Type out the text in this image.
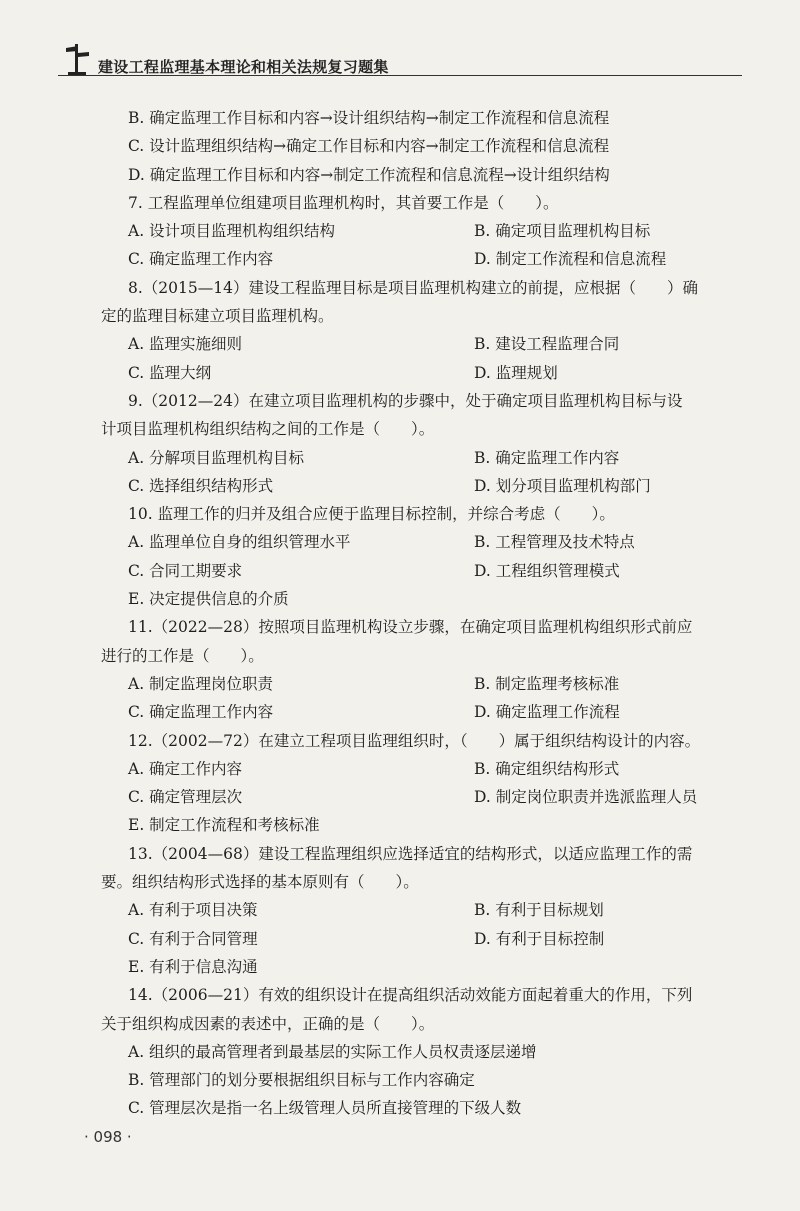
建设工程监理基本理论和相关法规复习题集
B. 确定监理工作目标和内容→设计组织结构→制定工作流程和信息流程
C. 设计监理组织结构→确定工作目标和内容→制定工作流程和信息流程
D. 确定监理工作目标和内容→制定工作流程和信息流程→设计组织结构
7. 工程监理单位组建项目监理机构时，其首要工作是（　　）。
A. 设计项目监理机构组织结构	B. 确定项目监理机构目标
C. 确定监理工作内容	D. 制定工作流程和信息流程
8.（2015—14）建设工程监理目标是项目监理机构建立的前提，应根据（　　）确
定的监理目标建立项目监理机构。
A. 监理实施细则	B. 建设工程监理合同
C. 监理大纲	D. 监理规划
9.（2012—24）在建立项目监理机构的步骤中，处于确定项目监理机构目标与设
计项目监理机构组织结构之间的工作是（　　）。
A. 分解项目监理机构目标	B. 确定监理工作内容
C. 选择组织结构形式	D. 划分项目监理机构部门
10. 监理工作的归并及组合应便于监理目标控制，并综合考虑（　　）。
A. 监理单位自身的组织管理水平	B. 工程管理及技术特点
C. 合同工期要求	D. 工程组织管理模式
E. 决定提供信息的介质
11.（2022—28）按照项目监理机构设立步骤，在确定项目监理机构组织形式前应
进行的工作是（　　）。
A. 制定监理岗位职责	B. 制定监理考核标准
C. 确定监理工作内容	D. 确定监理工作流程
12.（2002—72）在建立工程项目监理组织时，（　　）属于组织结构设计的内容。
A. 确定工作内容	B. 确定组织结构形式
C. 确定管理层次	D. 制定岗位职责并选派监理人员
E. 制定工作流程和考核标准
13.（2004—68）建设工程监理组织应选择适宜的结构形式，以适应监理工作的需
要。组织结构形式选择的基本原则有（　　）。
A. 有利于项目决策	B. 有利于目标规划
C. 有利于合同管理	D. 有利于目标控制
E. 有利于信息沟通
14.（2006—21）有效的组织设计在提高组织活动效能方面起着重大的作用，下列
关于组织构成因素的表述中，正确的是（　　）。
A. 组织的最高管理者到最基层的实际工作人员权责逐层递增
B. 管理部门的划分要根据组织目标与工作内容确定
C. 管理层次是指一名上级管理人员所直接管理的下级人数
· 098 ·
